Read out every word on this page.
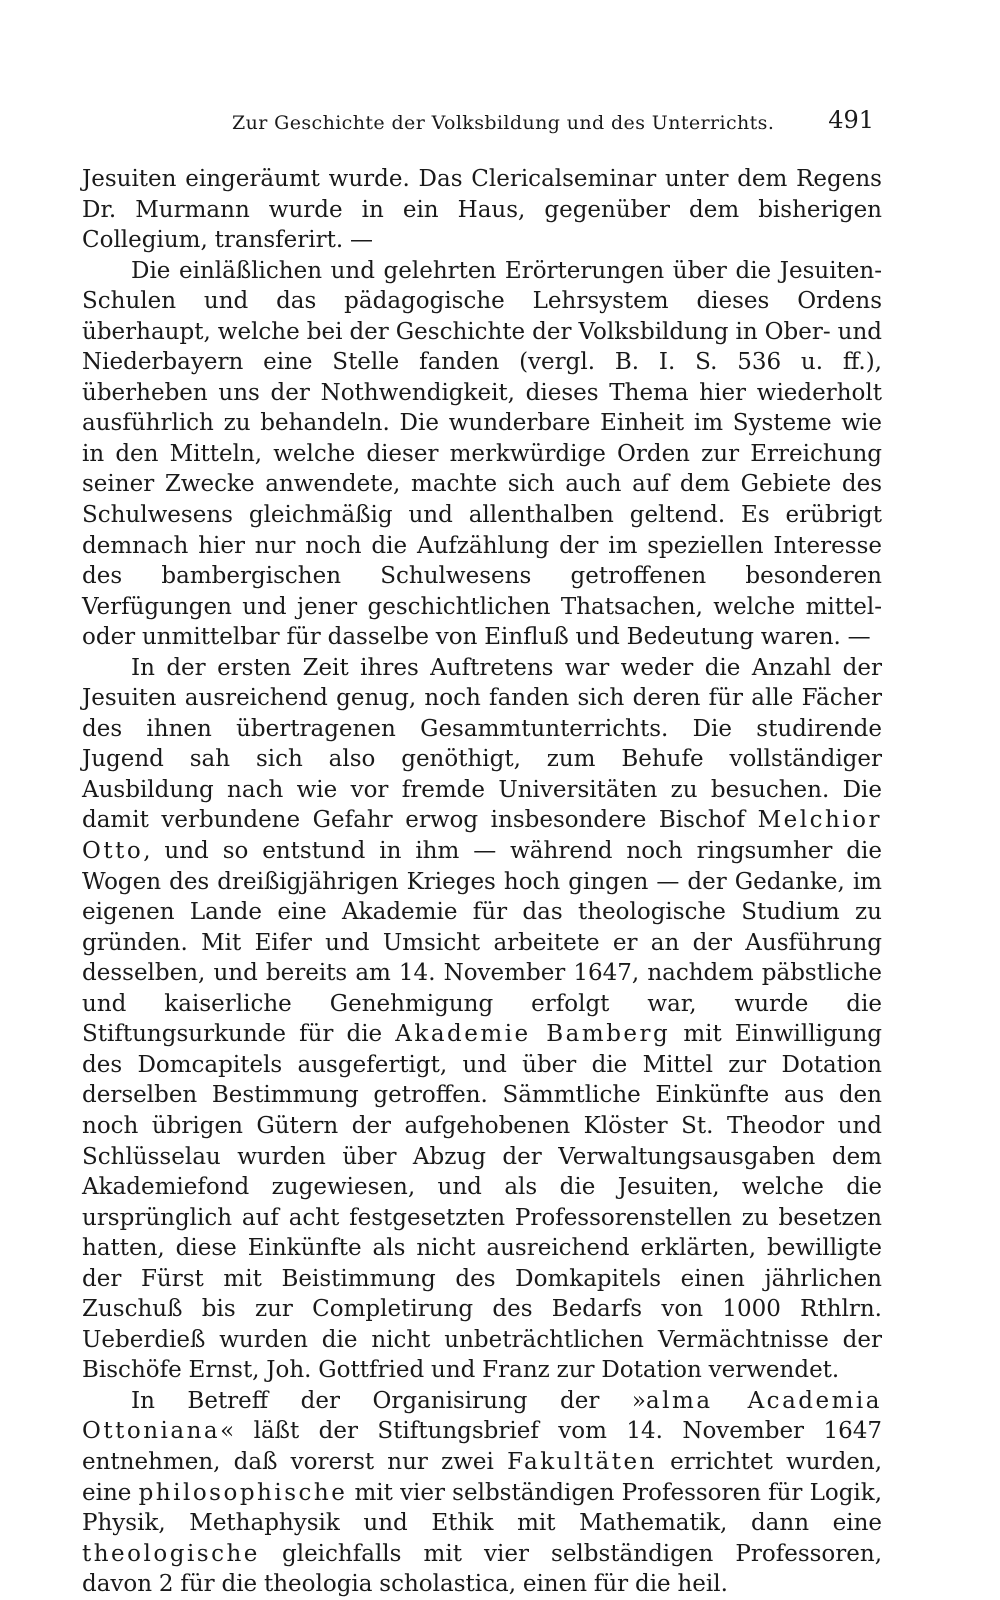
Zur Geschichte der Volksbildung und des Unterrichts. 491

Jesuiten eingeräumt wurde. Das Clericalseminar unter dem Regens Dr. Murmann wurde in ein Haus, gegenüber dem bisherigen Collegium, transferirt. —

Die einläßlichen und gelehrten Erörterungen über die Jesuiten-Schulen und das pädagogische Lehrsystem dieses Ordens überhaupt, welche bei der Geschichte der Volksbildung in Ober- und Niederbayern eine Stelle fanden (vergl. B. I. S. 536 u. ff.), überheben uns der Nothwendigkeit, dieses Thema hier wiederholt ausführlich zu behandeln. Die wunderbare Einheit im Systeme wie in den Mitteln, welche dieser merkwürdige Orden zur Erreichung seiner Zwecke anwendete, machte sich auch auf dem Gebiete des Schulwesens gleichmäßig und allenthalben geltend. Es erübrigt demnach hier nur noch die Aufzählung der im speziellen Interesse des bambergischen Schulwesens getroffenen besonderen Verfügungen und jener geschichtlichen Thatsachen, welche mittel- oder unmittelbar für dasselbe von Einfluß und Bedeutung waren. —

In der ersten Zeit ihres Auftretens war weder die Anzahl der Jesuiten ausreichend genug, noch fanden sich deren für alle Fächer des ihnen übertragenen Gesammtunterrichts. Die studirende Jugend sah sich also genöthigt, zum Behufe vollständiger Ausbildung nach wie vor fremde Universitäten zu besuchen. Die damit verbundene Gefahr erwog insbesondere Bischof Melchior Otto, und so entstund in ihm — während noch ringsumher die Wogen des dreißigjährigen Krieges hoch gingen — der Gedanke, im eigenen Lande eine Akademie für das theologische Studium zu gründen. Mit Eifer und Umsicht arbeitete er an der Ausführung desselben, und bereits am 14. November 1647, nachdem päbstliche und kaiserliche Genehmigung erfolgt war, wurde die Stiftungsurkunde für die Akademie Bamberg mit Einwilligung des Domcapitels ausgefertigt, und über die Mittel zur Dotation derselben Bestimmung getroffen. Sämmtliche Einkünfte aus den noch übrigen Gütern der aufgehobenen Klöster St. Theodor und Schlüsselau wurden über Abzug der Verwaltungsausgaben dem Akademiefond zugewiesen, und als die Jesuiten, welche die ursprünglich auf acht festgesetzten Professorenstellen zu besetzen hatten, diese Einkünfte als nicht ausreichend erklärten, bewilligte der Fürst mit Beistimmung des Domkapitels einen jährlichen Zuschuß bis zur Completirung des Bedarfs von 1000 Rthlrn. Ueberdieß wurden die nicht unbeträchtlichen Vermächtnisse der Bischöfe Ernst, Joh. Gottfried und Franz zur Dotation verwendet.

In Betreff der Organisirung der »alma Academia Ottoniana« läßt der Stiftungsbrief vom 14. November 1647 entnehmen, daß vorerst nur zwei Fakultäten errichtet wurden, eine philosophische mit vier selbständigen Professoren für Logik, Physik, Methaphysik und Ethik mit Mathematik, dann eine theologische gleichfalls mit vier selbständigen Professoren, davon 2 für die theologia scholastica, einen für die heil.
